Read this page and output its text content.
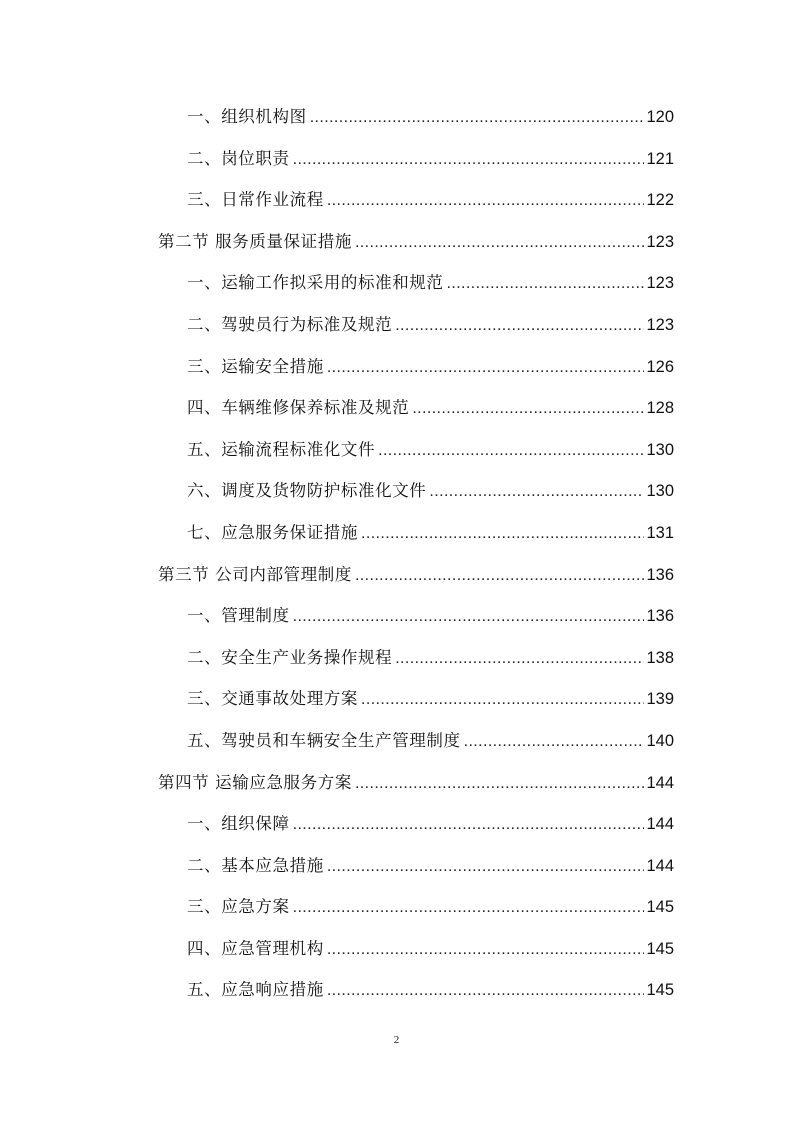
一、组织机构图 .....	120
二、岗位职责 .....	121
三、日常作业流程 .....	122
第二节 服务质量保证措施 .....	123
一、运输工作拟采用的标准和规范 .....	123
二、驾驶员行为标准及规范 .....	123
三、运输安全措施 .....	126
四、车辆维修保养标准及规范 .....	128
五、运输流程标准化文件 .....	130
六、调度及货物防护标准化文件 .....	130
七、应急服务保证措施 .....	131
第三节 公司内部管理制度 .....	136
一、管理制度 .....	136
二、安全生产业务操作规程 .....	138
三、交通事故处理方案 .....	139
五、驾驶员和车辆安全生产管理制度 .....	140
第四节 运输应急服务方案 .....	144
一、组织保障 .....	144
二、基本应急措施 .....	144
三、应急方案 .....	145
四、应急管理机构 .....	145
五、应急响应措施 .....	145
2
